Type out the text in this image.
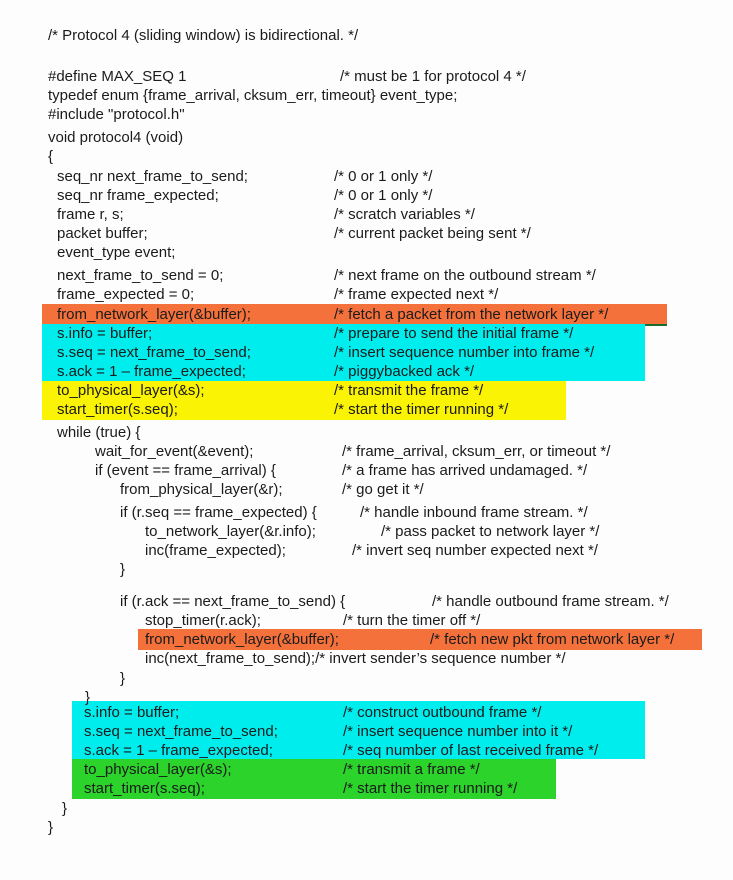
/* Protocol 4 (sliding window) is bidirectional. */
#define MAX_SEQ 1	/* must be 1 for protocol 4 */
typedef enum {frame_arrival, cksum_err, timeout} event_type;
#include "protocol.h"
void protocol4 (void)
{
seq_nr next_frame_to_send;	/* 0 or 1 only */
seq_nr frame_expected;	/* 0 or 1 only */
frame r, s;	/* scratch variables */
packet buffer;	/* current packet being sent */
event_type event;
next_frame_to_send = 0;	/* next frame on the outbound stream */
frame_expected = 0;	/* frame expected next */
from_network_layer(&buffer);	/* fetch a packet from the network layer */
s.info = buffer;	/* prepare to send the initial frame */
s.seq = next_frame_to_send;	/* insert sequence number into frame */
s.ack = 1 – frame_expected;	/* piggybacked ack */
to_physical_layer(&s);	/* transmit the frame */
start_timer(s.seq);	/* start the timer running */
while (true) {
wait_for_event(&event);	/* frame_arrival, cksum_err, or timeout */
if (event == frame_arrival) {	/* a frame has arrived undamaged. */
from_physical_layer(&r);	/* go get it */
if (r.seq == frame_expected) {	/* handle inbound frame stream. */
to_network_layer(&r.info);	/* pass packet to network layer */
inc(frame_expected);	/* invert seq number expected next */
}
if (r.ack == next_frame_to_send) {	/* handle outbound frame stream. */
stop_timer(r.ack);	/* turn the timer off */
from_network_layer(&buffer);	/* fetch new pkt from network layer */
inc(next_frame_to_send);/* invert sender’s sequence number */
}
}
s.info = buffer;	/* construct outbound frame */
s.seq = next_frame_to_send;	/* insert sequence number into it */
s.ack = 1 – frame_expected;	/* seq number of last received frame */
to_physical_layer(&s);	/* transmit a frame */
start_timer(s.seq);	/* start the timer running */
}
}
